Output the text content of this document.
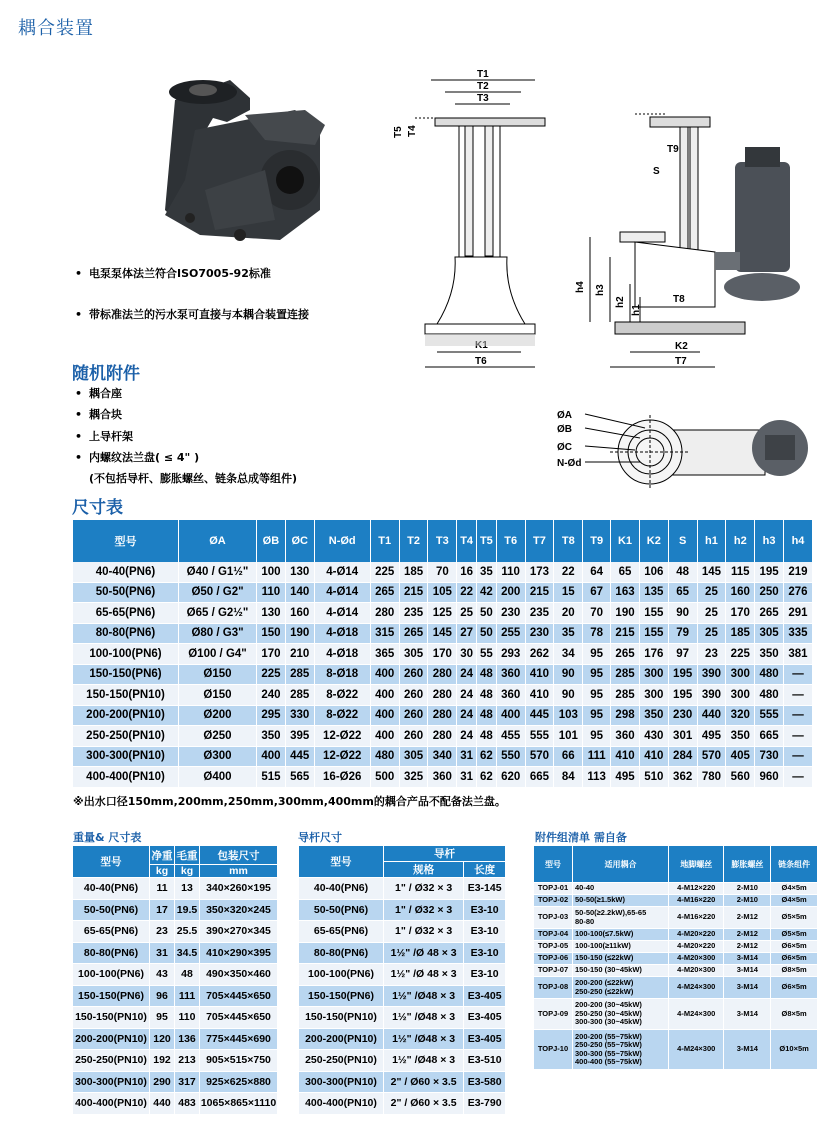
耦合装置
• 电泵泵体法兰符合ISO7005-92标准
• 带标准法兰的污水泵可直接与本耦合装置连接
随机附件
• 耦合座
• 耦合块
• 上导杆架
• 内螺纹法兰盘( ≤ 4" )
(不包括导杆、膨胀螺丝、链条总成等组件)
T1
T2
T3
T5 T4
T6
T9
S
h4 h3
h2
h1
T8
K2
T7
ØA
ØB
ØC
N-Ød
尺寸表
型号	ØA	ØB	ØC	N-Ød	T1	T2	T3	T4	T5	T6	T7	T8	T9	K1	K2	S	h1	h2	h3	h4
40-40(PN6)	Ø40 / G1½"	100	130	4-Ø14	225	185	70	16	35	110	173	22	64	65	106	48	145	115	195	219
50-50(PN6)	Ø50 / G2"	110	140	4-Ø14	265	215	105	22	42	200	215	15	67	163	135	65	25	160	250	276
65-65(PN6)	Ø65 / G2½"	130	160	4-Ø14	280	235	125	25	50	230	235	20	70	190	155	90	25	170	265	291
80-80(PN6)	Ø80 / G3"	150	190	4-Ø18	315	265	145	27	50	255	230	35	78	215	155	79	25	185	305	335
100-100(PN6)	Ø100 / G4"	170	210	4-Ø18	365	305	170	30	55	293	262	34	95	265	176	97	23	225	350	381
150-150(PN6)	Ø150	225	285	8-Ø18	400	260	280	24	48	360	410	90	95	285	300	195	390	300	480	—
150-150(PN10)	Ø150	240	285	8-Ø22	400	260	280	24	48	360	410	90	95	285	300	195	390	300	480	—
200-200(PN10)	Ø200	295	330	8-Ø22	400	260	280	24	48	400	445	103	95	298	350	230	440	320	555	—
250-250(PN10)	Ø250	350	395	12-Ø22	400	260	280	24	48	455	555	101	95	360	430	301	495	350	665	—
300-300(PN10)	Ø300	400	445	12-Ø22	480	305	340	31	62	550	570	66	111	410	410	284	570	405	730	—
400-400(PN10)	Ø400	515	565	16-Ø26	500	325	360	31	62	620	665	84	113	495	510	362	780	560	960	—
※出水口径150mm,200mm,250mm,300mm,400mm的耦合产品不配备法兰盘。
重量& 尺寸表
型号	净重	毛重	包装尺寸
	kg	kg	mm
40-40(PN6)	11	13	340×260×195
50-50(PN6)	17	19.5	350×320×245
65-65(PN6)	23	25.5	390×270×345
80-80(PN6)	31	34.5	410×290×395
100-100(PN6)	43	48	490×350×460
150-150(PN6)	96	111	705×445×650
150-150(PN10)	95	110	705×445×650
200-200(PN10)	120	136	775×445×690
250-250(PN10)	192	213	905×515×750
300-300(PN10)	290	317	925×625×880
400-400(PN10)	440	483	1065×865×1110
导杆尺寸
型号	导杆	
	规格	长度
40-40(PN6)	1" / Ø32 × 3	E3-145
50-50(PN6)	1" / Ø32 × 3	E3-10
65-65(PN6)	1" / Ø32 × 3	E3-10
80-80(PN6)	1½" /Ø 48 × 3	E3-10
100-100(PN6)	1½" /Ø 48 × 3	E3-10
150-150(PN6)	1½" /Ø48 × 3	E3-405
150-150(PN10)	1½" /Ø48 × 3	E3-405
200-200(PN10)	1½" /Ø48 × 3	E3-405
250-250(PN10)	1½" /Ø48 × 3	E3-510
300-300(PN10)	2" / Ø60 × 3.5	E3-580
400-400(PN10)	2" / Ø60 × 3.5	E3-790
附件组清单 需自备
型号	适用耦合	地脚螺丝	膨胀螺丝	链条组件
TOPJ-01	40-40	4-M12×220	2-M10	Ø4×5m
TOPJ-02	50-50(≥1.5kW)	4-M16×220	2-M10	Ø4×5m
TOPJ-03	50-50(≥2.2kW),65-65
80-80	4-M16×220	2-M12	Ø5×5m
TOPJ-04	100-100(≤7.5kW)	4-M20×220	2-M12	Ø5×5m
TOPJ-05	100-100(≥11kW)	4-M20×220	2-M12	Ø6×5m
TOPJ-06	150-150 (≤22kW)	4-M20×300	3-M14	Ø6×5m
TOPJ-07	150-150 (30~45kW)	4-M20×300	3-M14	Ø8×5m
TOPJ-08	200-200 (≤22kW)
250-250 (≤22kW)	4-M24×300	3-M14	Ø6×5m
TOPJ-09	200-200 (30~45kW)
250-250 (30~45kW)
300-300 (30~45kW)	4-M24×300	3-M14	Ø8×5m
TOPJ-10	200-200 (55~75kW)
250-250 (55~75kW)
300-300 (55~75kW)
400-400 (55~75kW)	4-M24×300	3-M14	Ø10×5m
